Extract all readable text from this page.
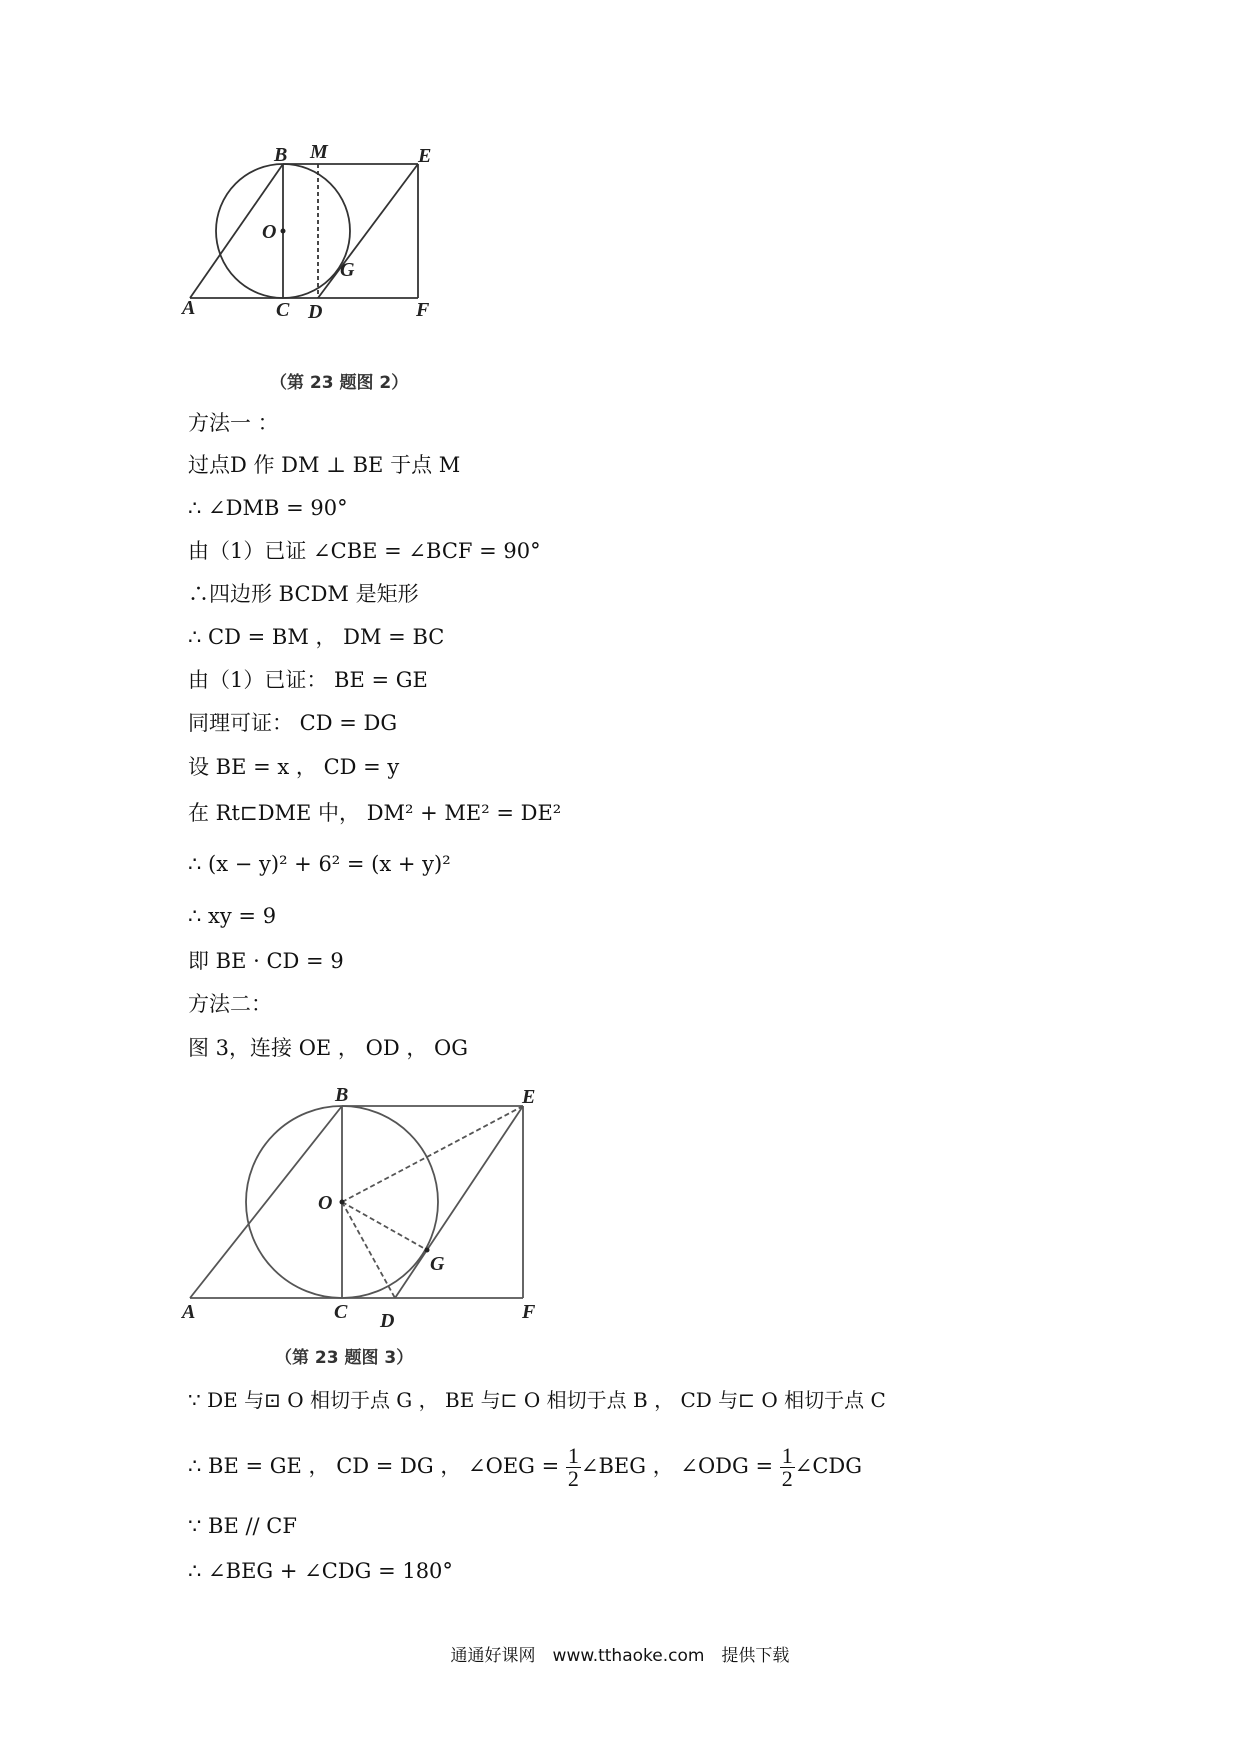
B M	E
O
G
A	C D	F
（第 23 题图 2）
方法一 ：
过点D 作 DM ⊥ BE 于点 M
∴ ∠DMB = 90°
由（1）已证 ∠CBE = ∠BCF = 90°
∴四边形 BCDM 是矩形
∴ CD = BM ， DM = BC
由（1）已证： BE = GE
同理可证： CD = DG
设 BE = x ， CD = y
在 Rt⊏DME 中， DM² + ME² = DE²
∴ (x − y)² + 6² = (x + y)²
∴ xy = 9
即 BE · CD = 9
方法二：
图 3，连接 OE ， OD ， OG
B	E
O
G
A	C D	F
（第 23 题图 3）
∵ DE 与⊡ O 相切于点 G ， BE 与⊏ O 相切于点 B ， CD 与⊏ O 相切于点 C
∴ BE = GE ， CD = DG ， ∠OEG = $\frac{1}{2}$ ∠BEG ， ∠ODG = $\frac{1}{2}$ ∠CDG
∵ BE // CF
∴ ∠BEG + ∠CDG = 180°
通通好课网　www.tthaoke.com　提供下载
